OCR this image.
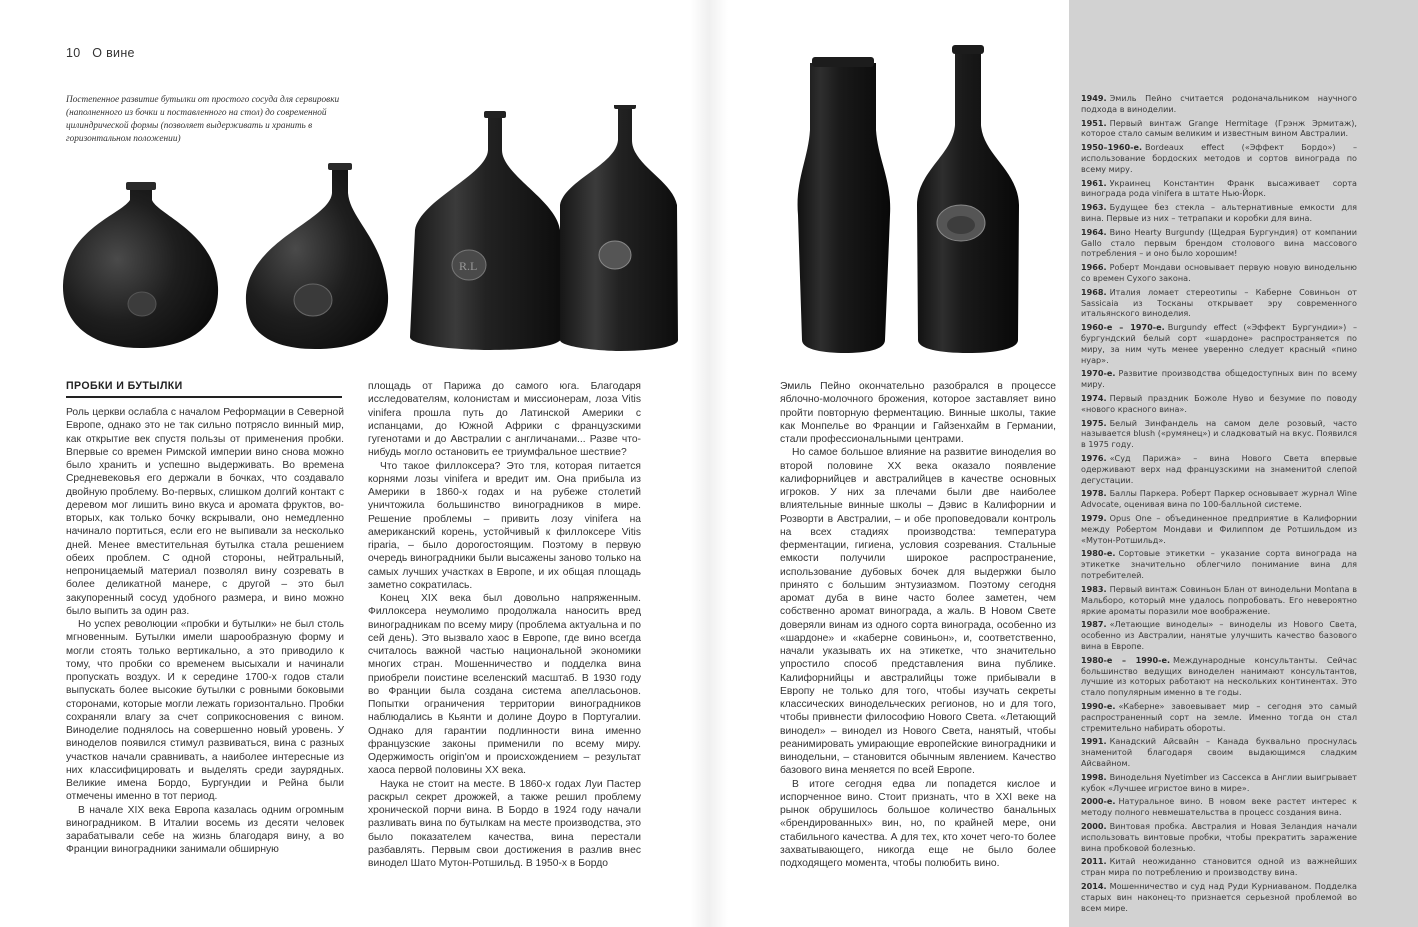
10 О вине
Постепенное развитие бутылки от простого сосуда для сервировки (наполненного из бочки и поставленного на стол) до современной цилиндрической формы (позволяет выдерживать и хранить в горизонтальном положении)
R.L
ПРОБКИ И БУТЫЛКИ

Роль церкви ослабла с началом Реформации в Северной Европе, однако это не так сильно потрясло винный мир, как открытие век спустя пользы от применения пробки. Впервые со времен Римской империи вино снова можно было хранить и успешно выдерживать. Во времена Средневековья его держали в бочках, что создавало двойную проблему. Во-первых, слишком долгий контакт с деревом мог лишить вино вкуса и аромата фруктов, во-вторых, как только бочку вскрывали, оно немедленно начинало портиться, если его не выпивали за несколько дней. Менее вместительная бутылка стала решением обеих проблем. С одной стороны, нейтральный, непроницаемый материал позволял вину созревать в более деликатной манере, с другой – это был закупоренный сосуд удобного размера, и вино можно было выпить за один раз.

Но успех революции «пробки и бутылки» не был столь мгновенным. Бутылки имели шарообразную форму и могли стоять только вертикально, а это приводило к тому, что пробки со временем высыхали и начинали пропускать воздух. И к середине 1700-х годов стали выпускать более высокие бутылки с ровными боковыми сторонами, которые могли лежать горизонтально. Пробки сохраняли влагу за счет соприкосновения с вином. Виноделие поднялось на совершенно новый уровень. У виноделов появился стимул развиваться, вина с разных участков начали сравнивать, а наиболее интересные из них классифицировать и выделять среди заурядных. Великие имена Бордо, Бургундии и Рейна были отмечены именно в тот период.

В начале XIX века Европа казалась одним огромным виноградником. В Италии восемь из десяти человек зарабатывали себе на жизнь благодаря вину, а во Франции виноградники занимали обширную

площадь от Парижа до самого юга. Благодаря исследователям, колонистам и миссионерам, лоза Vitis vinifera прошла путь до Латинской Америки с испанцами, до Южной Африки с французскими гугенотами и до Австралии с англичанами... Разве что-нибудь могло остановить ее триумфальное шествие?

Что такое филлоксера? Это тля, которая питается корнями лозы vinifera и вредит им. Она прибыла из Америки в 1860-х годах и на рубеже столетий уничтожила большинство виноградников в мире. Решение проблемы – привить лозу vinifera на американский корень, устойчивый к филлоксере Vitis riparia, – было дорогостоящим. Поэтому в первую очередь виноградники были высажены заново только на самых лучших участках в Европе, и их общая площадь заметно сократилась.

Конец XIX века был довольно напряженным. Филлоксера неумолимо продолжала наносить вред виноградникам по всему миру (проблема актуальна и по сей день). Это вызвало хаос в Европе, где вино всегда считалось важной частью национальной экономики многих стран. Мошенничество и подделка вина приобрели поистине вселенский масштаб. В 1930 году во Франции была создана система апелласьонов. Попытки ограничения территории виноградников наблюдались в Кьянти и долине Доуро в Португалии. Однако для гарантии подлинности вина именно французские законы применили по всему миру. Одержимость origin'ом и происхождением – результат хаоса первой половины XX века.

Наука не стоит на месте. В 1860-х годах Луи Пастер раскрыл секрет дрожжей, а также решил проблему хронической порчи вина. В Бордо в 1924 году начали разливать вина по бутылкам на месте производства, это было показателем качества, вина перестали разбавлять. Первым свои достижения в разлив внес винодел Шато Мутон-Ротшильд. В 1950-х в Бордо

Эмиль Пейно окончательно разобрался в процессе яблочно-молочного брожения, которое заставляет вино пройти повторную ферментацию. Винные школы, такие как Монпелье во Франции и Гайзенхайм в Германии, стали профессиональными центрами.

Но самое большое влияние на развитие виноделия во второй половине XX века оказало появление калифорнийцев и австралийцев в качестве основных игроков. У них за плечами были две наиболее влиятельные винные школы – Дэвис в Калифорнии и Розворти в Австралии, – и обе проповедовали контроль на всех стадиях производства: температура ферментации, гигиена, условия созревания. Стальные емкости получили широкое распространение, использование дубовых бочек для выдержки было принято с большим энтузиазмом. Поэтому сегодня аромат дуба в вине часто более заметен, чем собственно аромат винограда, а жаль. В Новом Свете доверяли винам из одного сорта винограда, особенно из «шардоне» и «каберне совиньон», и, соответственно, начали указывать их на этикетке, что значительно упростило способ представления вина публике. Калифорнийцы и австралийцы тоже прибывали в Европу не только для того, чтобы изучать секреты классических винодельческих регионов, но и для того, чтобы привнести философию Нового Света. «Летающий винодел» – винодел из Нового Света, нанятый, чтобы реанимировать умирающие европейские виноградники и винодельни, – становится обычным явлением. Качество базового вина меняется по всей Европе.

В итоге сегодня едва ли попадется кислое и испорченное вино. Стоит признать, что в XXI веке на рынок обрушилось большое количество банальных «брендированных» вин, но, по крайней мере, они стабильного качества. А для тех, кто хочет чего-то более захватывающего, никогда еще не было более подходящего момента, чтобы полюбить вино.

1949. Эмиль Пейно считается родоначальником научного подхода в виноделии.

1951. Первый винтаж Grange Hermitage (Грэнж Эрмитаж), которое стало самым великим и известным вином Австралии.

1950–1960-е. Bordeaux effect («Эффект Бордо») – использование бордоских методов и сортов винограда по всему миру.

1961. Украинец Константин Франк высаживает сорта винограда рода vinifera в штате Нью-Йорк.

1963. Будущее без стекла – альтернативные емкости для вина. Первые из них – тетрапаки и коробки для вина.

1964. Вино Hearty Burgundy (Щедрая Бургундия) от компании Gallo стало первым брендом столового вина массового потребления – и оно было хорошим!

1966. Роберт Мондави основывает первую новую винодельню со времен Сухого закона.

1968. Италия ломает стереотипы – Каберне Совиньон от Sassicaia из Тосканы открывает эру современного итальянского виноделия.

1960-е – 1970-е. Burgundy effect («Эффект Бургундии») – бургундский белый сорт «шардоне» распространяется по миру, за ним чуть менее уверенно следует красный «пино нуар».

1970-е. Развитие производства общедоступных вин по всему миру.

1974. Первый праздник Божоле Нуво и безумие по поводу «нового красного вина».

1975. Белый Зинфандель на самом деле розовый, часто называется blush («румянец») и сладковатый на вкус. Появился в 1975 году.

1976. «Суд Парижа» – вина Нового Света впервые одерживают верх над французскими на знаменитой слепой дегустации.

1978. Баллы Паркера. Роберт Паркер основывает журнал Wine Advocate, оценивая вина по 100-балльной системе.

1979. Opus One – объединенное предприятие в Калифорнии между Робертом Мондави и Филиппом де Ротшильдом из «Мутон-Ротшильд».

1980-е. Сортовые этикетки – указание сорта винограда на этикетке значительно облегчило понимание вина для потребителей.

1983. Первый винтаж Совиньон Блан от винодельни Montana в Мальборо, который мне удалось попробовать. Его невероятно яркие ароматы поразили мое воображение.

1987. «Летающие виноделы» – виноделы из Нового Света, особенно из Австралии, нанятые улучшить качество базового вина в Европе.

1980-е – 1990-е. Международные консультанты. Сейчас большинство ведущих виноделен нанимают консультантов, лучшие из которых работают на нескольких континентах. Это стало популярным именно в те годы.

1990-е. «Каберне» завоевывает мир – сегодня это самый распространенный сорт на земле. Именно тогда он стал стремительно набирать обороты.

1991. Канадский Айсвайн – Канада буквально проснулась знаменитой благодаря своим выдающимся сладким Айсвайном.

1998. Винодельня Nyetimber из Сассекса в Англии выигрывает кубок «Лучшее игристое вино в мире».

2000-е. Натуральное вино. В новом веке растет интерес к методу полного невмешательства в процесс создания вина.

2000. Винтовая пробка. Австралия и Новая Зеландия начали использовать винтовые пробки, чтобы прекратить заражение вина пробковой болезнью.

2011. Китай неожиданно становится одной из важнейших стран мира по потреблению и производству вина.

2014. Мошенничество и суд над Руди Курниаваном. Подделка старых вин наконец-то признается серьезной проблемой во всем мире.
